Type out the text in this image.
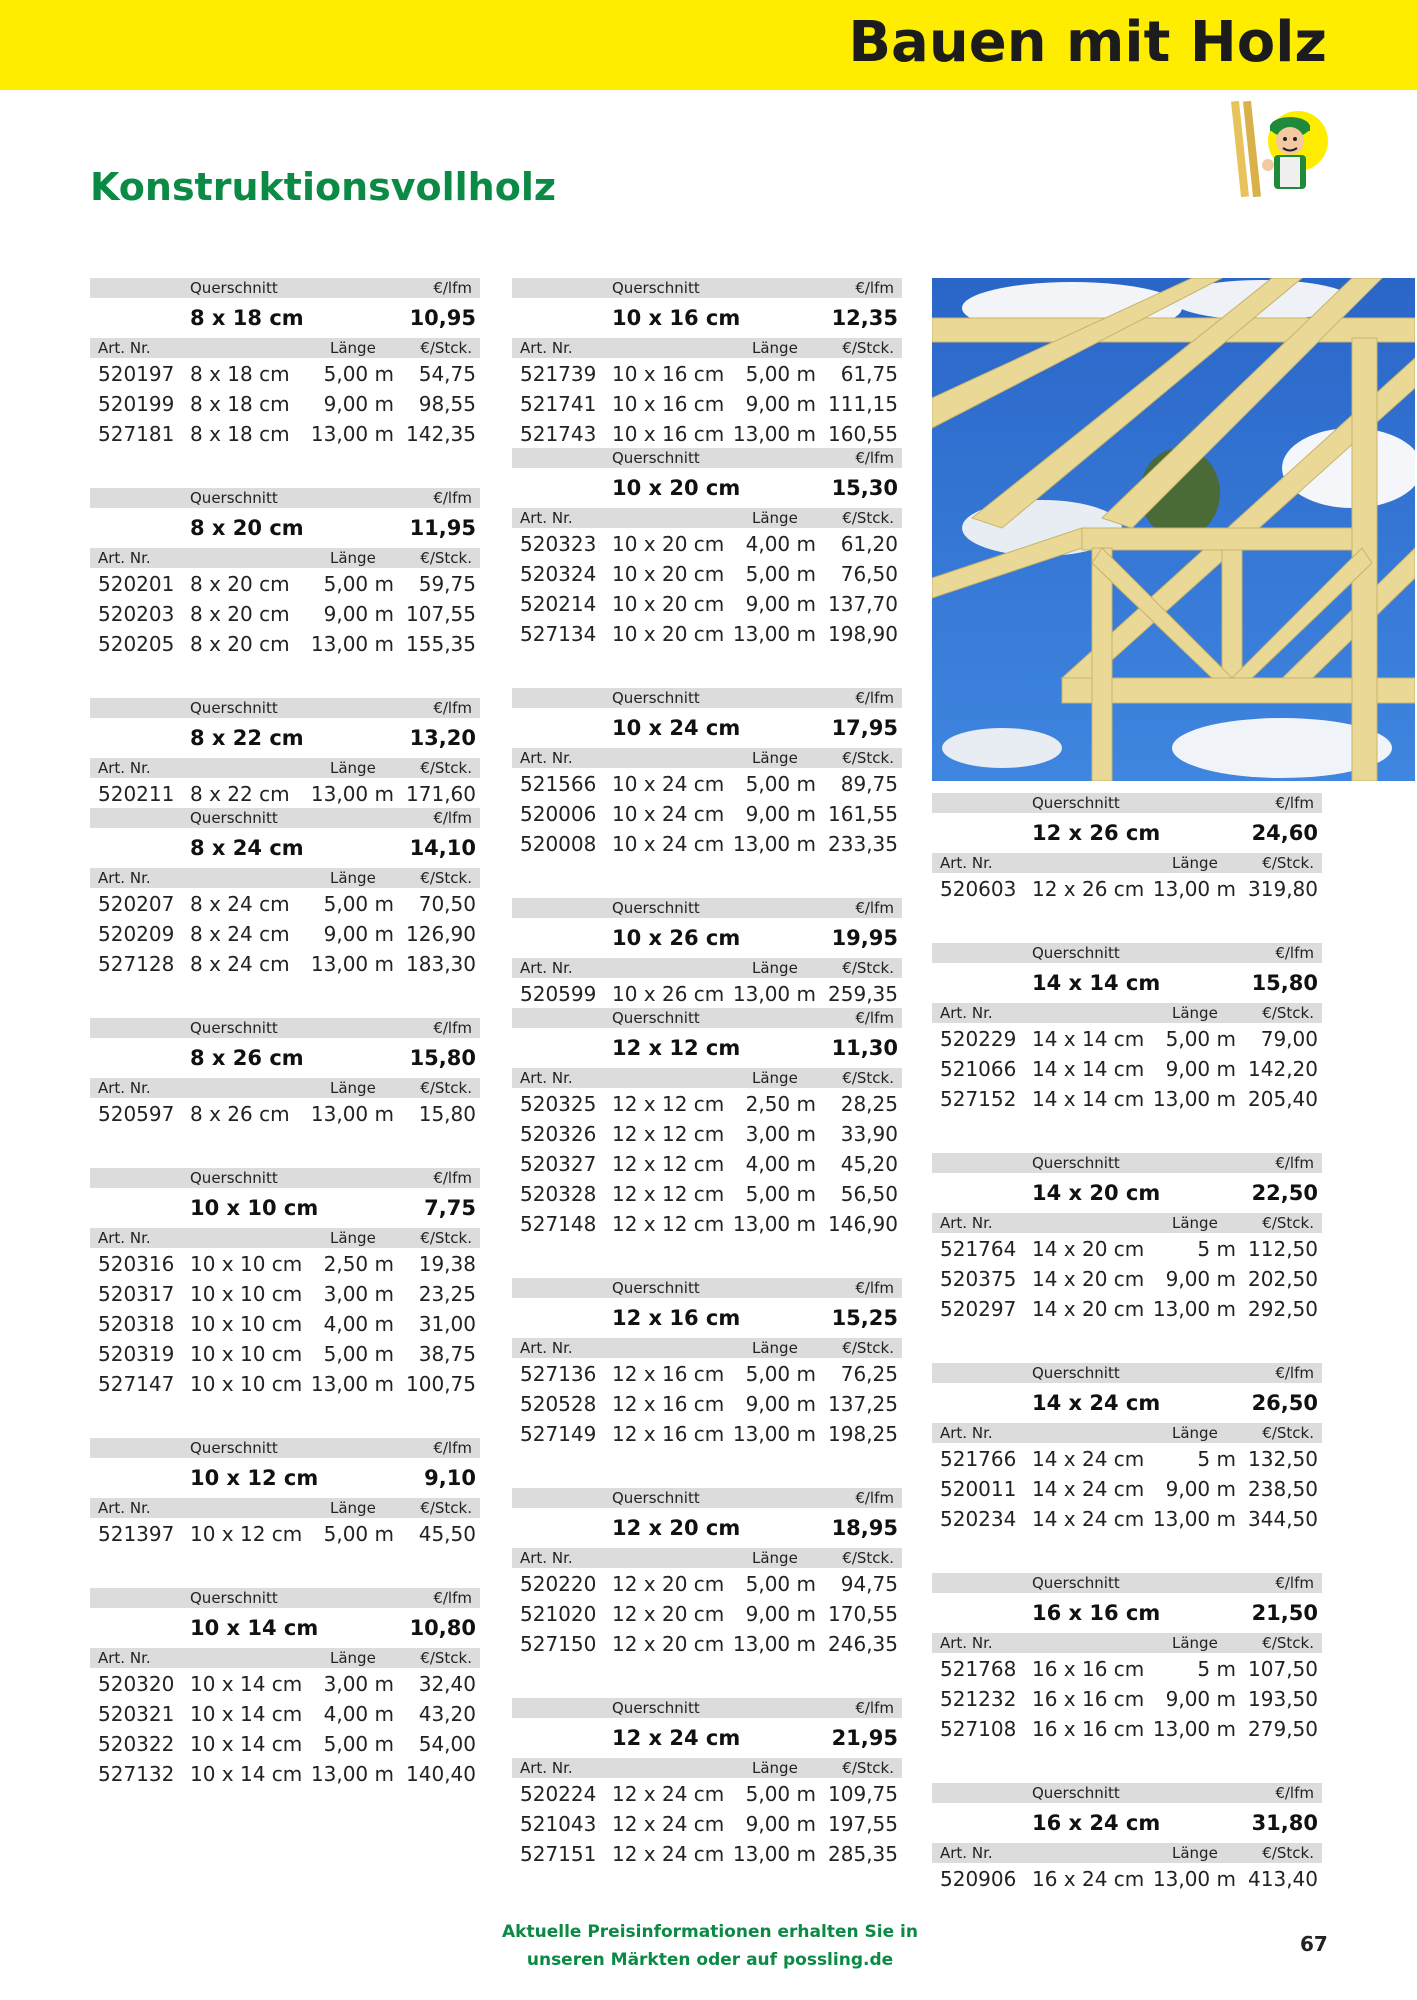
Bauen mit Holz
Konstruktionsvollholz
Querschnitt	€/lfm
8 x 18 cm	10,95
Art. Nr.	Länge	€/Stck.
520197 8 x 18 cm 5,00 m 54,75
520199 8 x 18 cm 9,00 m 98,55
527181 8 x 18 cm 13,00 m 142,35
Querschnitt	€/lfm
8 x 20 cm	11,95
Art. Nr.	Länge	€/Stck.
520201 8 x 20 cm 5,00 m 59,75
520203 8 x 20 cm 9,00 m 107,55
520205 8 x 20 cm 13,00 m 155,35
Querschnitt	€/lfm
8 x 22 cm	13,20
Art. Nr.	Länge	€/Stck.
520211 8 x 22 cm 13,00 m 171,60
Querschnitt	€/lfm
8 x 24 cm	14,10
Art. Nr.	Länge	€/Stck.
520207 8 x 24 cm 5,00 m 70,50
520209 8 x 24 cm 9,00 m 126,90
527128 8 x 24 cm 13,00 m 183,30
Querschnitt	€/lfm
8 x 26 cm	15,80
Art. Nr.	Länge	€/Stck.
520597 8 x 26 cm 13,00 m 15,80
Querschnitt	€/lfm
10 x 10 cm	7,75
Art. Nr.	Länge	€/Stck.
520316 10 x 10 cm 2,50 m 19,38
520317 10 x 10 cm 3,00 m 23,25
520318 10 x 10 cm 4,00 m 31,00
520319 10 x 10 cm 5,00 m 38,75
527147 10 x 10 cm 13,00 m 100,75
Querschnitt	€/lfm
10 x 12 cm	9,10
Art. Nr.	Länge	€/Stck.
521397 10 x 12 cm 5,00 m 45,50
Querschnitt	€/lfm
10 x 14 cm	10,80
Art. Nr.	Länge	€/Stck.
520320 10 x 14 cm 3,00 m 32,40
520321 10 x 14 cm 4,00 m 43,20
520322 10 x 14 cm 5,00 m 54,00
527132 10 x 14 cm 13,00 m 140,40
Querschnitt	€/lfm
10 x 16 cm	12,35
Art. Nr.	Länge	€/Stck.
521739 10 x 16 cm 5,00 m 61,75
521741 10 x 16 cm 9,00 m 111,15
521743 10 x 16 cm 13,00 m 160,55
Querschnitt	€/lfm
10 x 20 cm	15,30
Art. Nr.	Länge	€/Stck.
520323 10 x 20 cm 4,00 m 61,20
520324 10 x 20 cm 5,00 m 76,50
520214 10 x 20 cm 9,00 m 137,70
527134 10 x 20 cm 13,00 m 198,90
Querschnitt	€/lfm
10 x 24 cm	17,95
Art. Nr.	Länge	€/Stck.
521566 10 x 24 cm 5,00 m 89,75
520006 10 x 24 cm 9,00 m 161,55
520008 10 x 24 cm 13,00 m 233,35
Querschnitt	€/lfm
10 x 26 cm	19,95
Art. Nr.	Länge	€/Stck.
520599 10 x 26 cm 13,00 m 259,35
Querschnitt	€/lfm
12 x 12 cm	11,30
Art. Nr.	Länge	€/Stck.
520325 12 x 12 cm 2,50 m 28,25
520326 12 x 12 cm 3,00 m 33,90
520327 12 x 12 cm 4,00 m 45,20
520328 12 x 12 cm 5,00 m 56,50
527148 12 x 12 cm 13,00 m 146,90
Querschnitt	€/lfm
12 x 16 cm	15,25
Art. Nr.	Länge	€/Stck.
527136 12 x 16 cm 5,00 m 76,25
520528 12 x 16 cm 9,00 m 137,25
527149 12 x 16 cm 13,00 m 198,25
Querschnitt	€/lfm
12 x 20 cm	18,95
Art. Nr.	Länge	€/Stck.
520220 12 x 20 cm 5,00 m 94,75
521020 12 x 20 cm 9,00 m 170,55
527150 12 x 20 cm 13,00 m 246,35
Querschnitt	€/lfm
12 x 24 cm	21,95
Art. Nr.	Länge	€/Stck.
520224 12 x 24 cm 5,00 m 109,75
521043 12 x 24 cm 9,00 m 197,55
527151 12 x 24 cm 13,00 m 285,35
Querschnitt	€/lfm
12 x 26 cm	24,60
Art. Nr.	Länge	€/Stck.
520603 12 x 26 cm 13,00 m 319,80
Querschnitt	€/lfm
14 x 14 cm	15,80
Art. Nr.	Länge	€/Stck.
520229 14 x 14 cm 5,00 m 79,00
521066 14 x 14 cm 9,00 m 142,20
527152 14 x 14 cm 13,00 m 205,40
Querschnitt	€/lfm
14 x 20 cm	22,50
Art. Nr.	Länge	€/Stck.
521764 14 x 20 cm	5 m 112,50
520375 14 x 20 cm 9,00 m 202,50
520297 14 x 20 cm 13,00 m 292,50
Querschnitt	€/lfm
14 x 24 cm	26,50
Art. Nr.	Länge	€/Stck.
521766 14 x 24 cm	5 m 132,50
520011 14 x 24 cm 9,00 m 238,50
520234 14 x 24 cm 13,00 m 344,50
Querschnitt	€/lfm
16 x 16 cm	21,50
Art. Nr.	Länge	€/Stck.
521768 16 x 16 cm	5 m 107,50
521232 16 x 16 cm 9,00 m 193,50
527108 16 x 16 cm 13,00 m 279,50
Querschnitt	€/lfm
16 x 24 cm	31,80
Art. Nr.	Länge	€/Stck.
520906 16 x 24 cm 13,00 m 413,40
Aktuelle Preisinformationen erhalten Sie in
unseren Märkten oder auf possling.de
67
